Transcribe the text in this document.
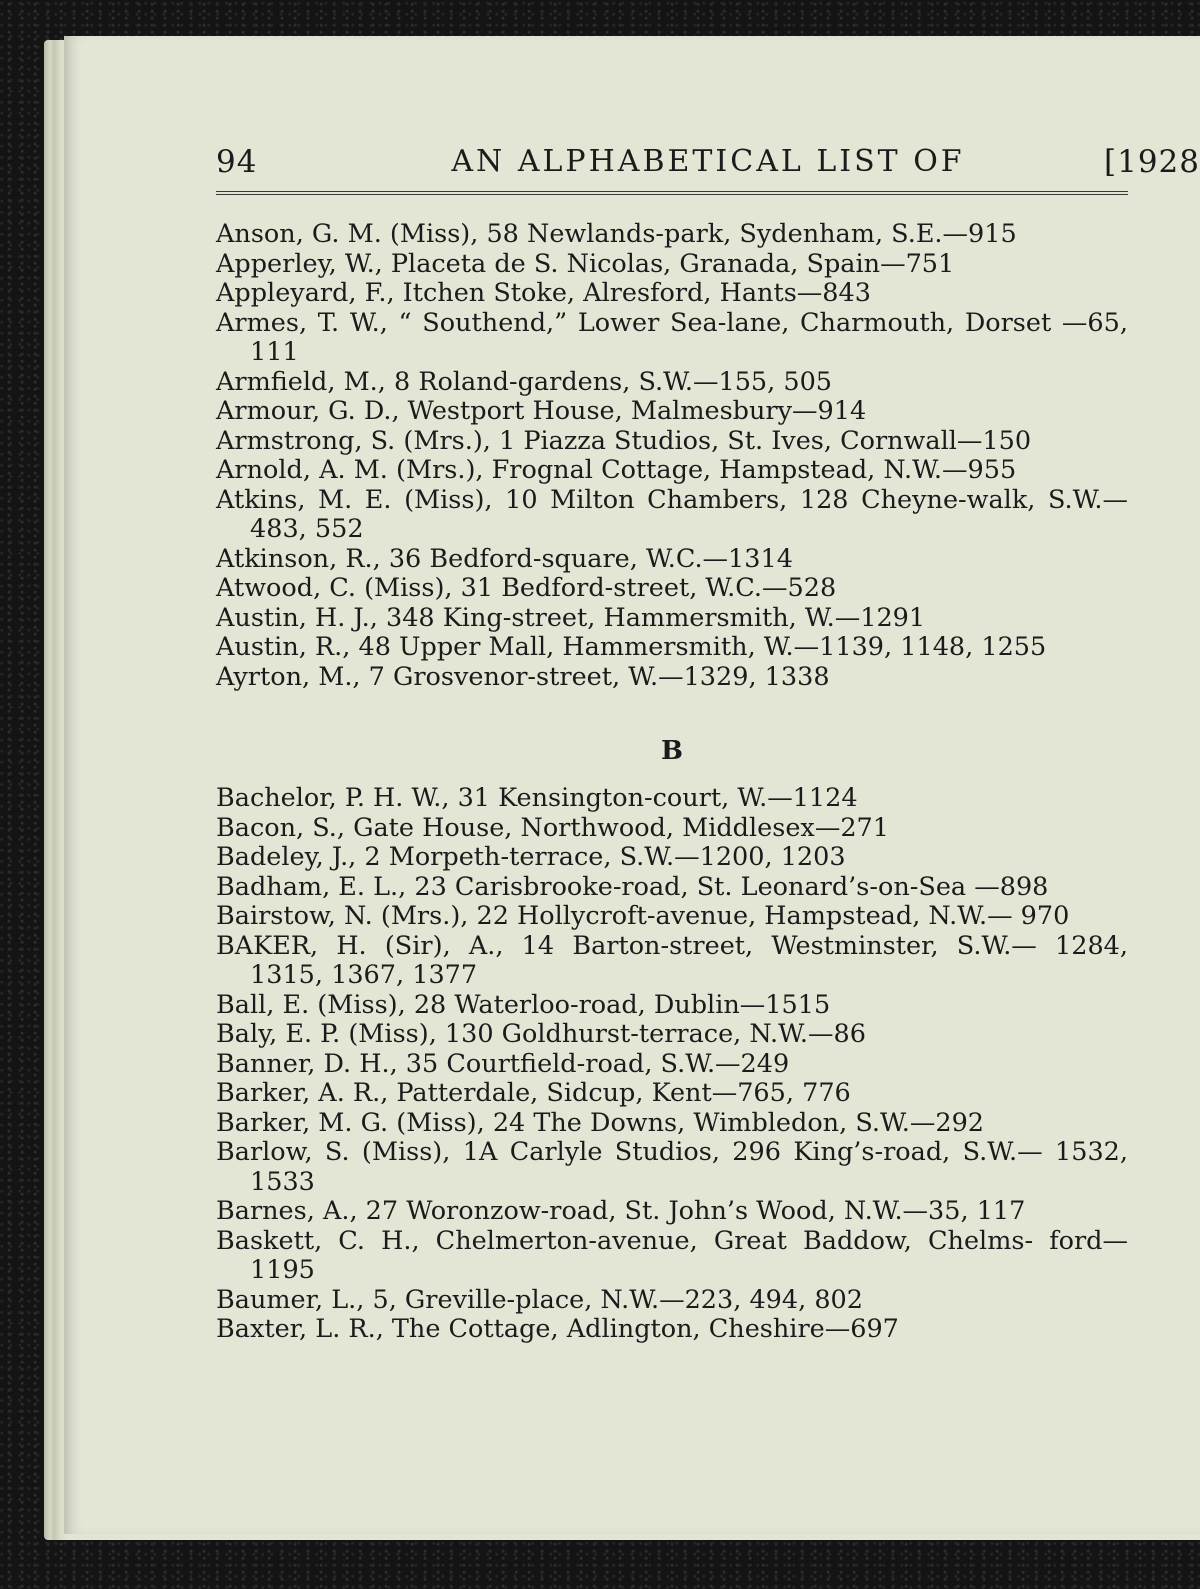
94	AN ALPHABETICAL LIST OF	[1928
Anson, G. M. (Miss), 58 Newlands-park, Sydenham, S.E.—915
Apperley, W., Placeta de S. Nicolas, Granada, Spain—751
Appleyard, F., Itchen Stoke, Alresford, Hants—843
Armes, T. W., “ Southend,” Lower Sea-lane, Charmouth, Dorset —65, 111
Armfield, M., 8 Roland-gardens, S.W.—155, 505
Armour, G. D., Westport House, Malmesbury—914
Armstrong, S. (Mrs.), 1 Piazza Studios, St. Ives, Cornwall—150
Arnold, A. M. (Mrs.), Frognal Cottage, Hampstead, N.W.—955
Atkins, M. E. (Miss), 10 Milton Chambers, 128 Cheyne-walk, S.W.—483, 552
Atkinson, R., 36 Bedford-square, W.C.—1314
Atwood, C. (Miss), 31 Bedford-street, W.C.—528
Austin, H. J., 348 King-street, Hammersmith, W.—1291
Austin, R., 48 Upper Mall, Hammersmith, W.—1139, 1148, 1255
Ayrton, M., 7 Grosvenor-street, W.—1329, 1338
B
Bachelor, P. H. W., 31 Kensington-court, W.—1124
Bacon, S., Gate House, Northwood, Middlesex—271
Badeley, J., 2 Morpeth-terrace, S.W.—1200, 1203
Badham, E. L., 23 Carisbrooke-road, St. Leonard’s-on-Sea —898
Bairstow, N. (Mrs.), 22 Hollycroft-avenue, Hampstead, N.W.— 970
BAKER, H. (Sir), A., 14 Barton-street, Westminster, S.W.— 1284, 1315, 1367, 1377
Ball, E. (Miss), 28 Waterloo-road, Dublin—1515
Baly, E. P. (Miss), 130 Goldhurst-terrace, N.W.—86
Banner, D. H., 35 Courtfield-road, S.W.—249
Barker, A. R., Patterdale, Sidcup, Kent—765, 776
Barker, M. G. (Miss), 24 The Downs, Wimbledon, S.W.—292
Barlow, S. (Miss), 1A Carlyle Studios, 296 King’s-road, S.W.— 1532, 1533
Barnes, A., 27 Woronzow-road, St. John’s Wood, N.W.—35, 117
Baskett, C. H., Chelmerton-avenue, Great Baddow, Chelms- ford—1195
Baumer, L., 5, Greville-place, N.W.—223, 494, 802
Baxter, L. R., The Cottage, Adlington, Cheshire—697
